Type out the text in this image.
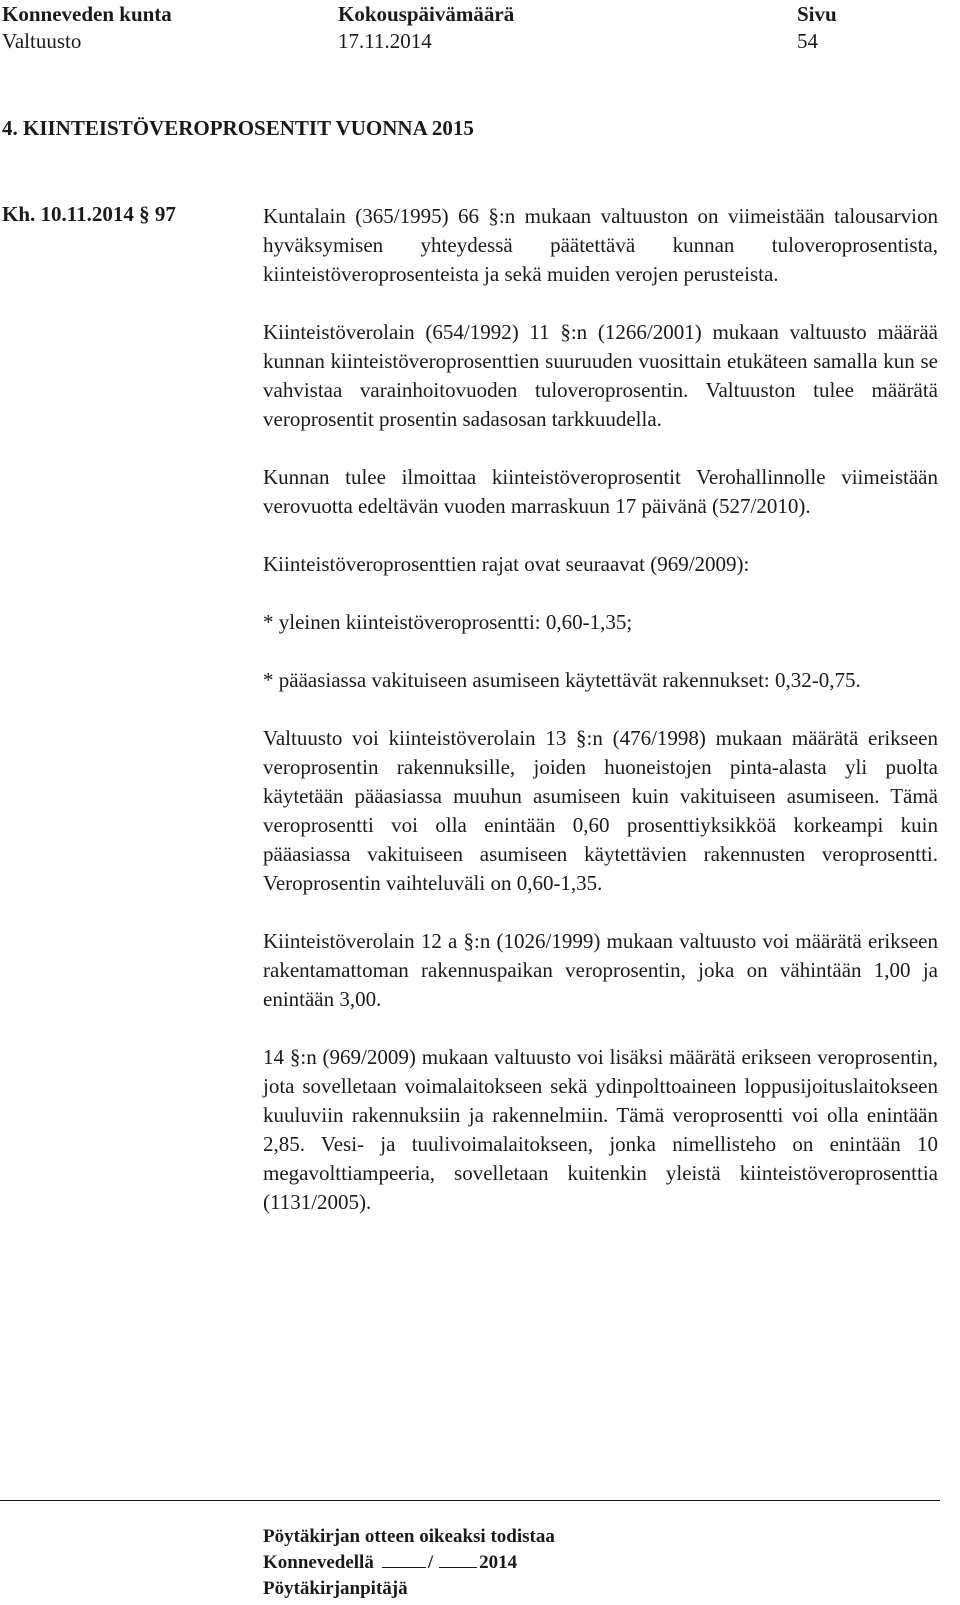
Konneveden kunta
Valtuusto
Kokouspäivämäärä
17.11.2014
Sivu
54
4. KIINTEISTÖVEROPROSENTIT VUONNA 2015
Kh. 10.11.2014 § 97	Kuntalain (365/1995) 66 §:n mukaan valtuuston on viimeistään talousarvion hyväksymisen yhteydessä päätettävä kunnan tuloveroprosentista, kiinteistöveroprosenteista ja sekä muiden verojen perusteista.

Kiinteistöverolain (654/1992) 11 §:n (1266/2001) mukaan valtuusto määrää kunnan kiinteistöveroprosenttien suuruuden vuosittain etukäteen samalla kun se vahvistaa varainhoitovuoden tuloveroprosentin. Valtuuston tulee määrätä veroprosentit prosentin sadasosan tarkkuudella.

Kunnan tulee ilmoittaa kiinteistöveroprosentit Verohallinnolle viimeistään verovuotta edeltävän vuoden marraskuun 17 päivänä (527/2010).

Kiinteistöveroprosenttien rajat ovat seuraavat (969/2009):

* yleinen kiinteistöveroprosentti: 0,60-1,35;

* pääasiassa vakituiseen asumiseen käytettävät rakennukset: 0,32-0,75.

Valtuusto voi kiinteistöverolain 13 §:n (476/1998) mukaan määrätä erikseen veroprosentin rakennuksille, joiden huoneistojen pinta-alasta yli puolta käytetään pääasiassa muuhun asumiseen kuin vakituiseen asumiseen. Tämä veroprosentti voi olla enintään 0,60 prosenttiyksikköä korkeampi kuin pääasiassa vakituiseen asumiseen käytettävien rakennusten veroprosentti. Veroprosentin vaihteluväli on 0,60-1,35.

Kiinteistöverolain 12 a §:n (1026/1999) mukaan valtuusto voi määrätä erikseen rakentamattoman rakennuspaikan veroprosentin, joka on vähintään 1,00 ja enintään 3,00.

14 §:n (969/2009) mukaan valtuusto voi lisäksi määrätä erikseen veroprosentin, jota sovelletaan voimalaitokseen sekä ydinpolttoaineen loppusijoituslaitokseen kuuluviin rakennuksiin ja rakennelmiin. Tämä veroprosentti voi olla enintään 2,85. Vesi- ja tuulivoimalaitokseen, jonka nimellisteho on enintään 10 megavolttiampeeria, sovelletaan kuitenkin yleistä kiinteistöveroprosenttia (1131/2005).

Pöytäkirjan otteen oikeaksi todistaa
Konnevedellä	/ 2014
Pöytäkirjanpitäjä
